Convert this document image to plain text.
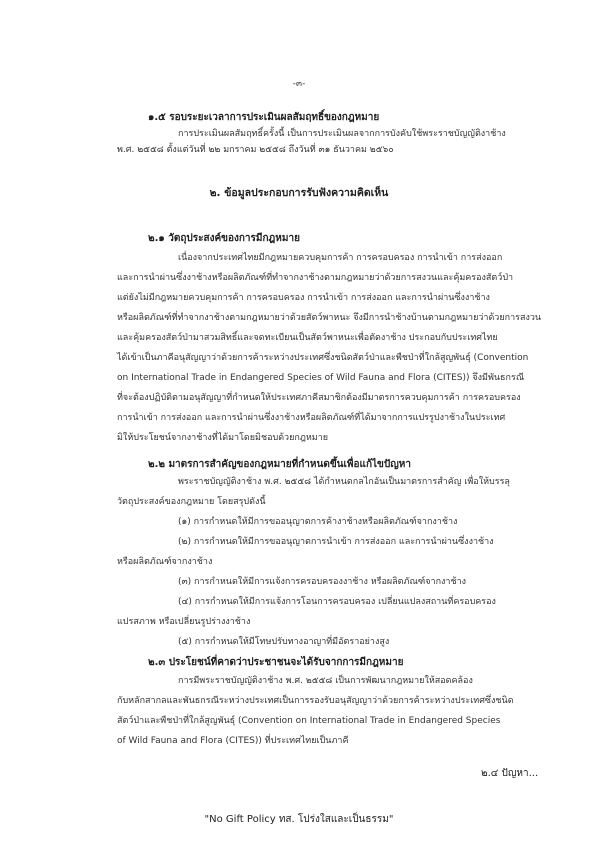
-๓-
๑.๕ รอบระยะเวลาการประเมินผลสัมฤทธิ์ของกฎหมาย
การประเมินผลสัมฤทธิ์ครั้งนี้ เป็นการประเมินผลจากการบังคับใช้พระราชบัญญัติงาช้าง
พ.ศ. ๒๕๕๘ ตั้งแต่วันที่ ๒๒ มกราคม ๒๕๕๘ ถึงวันที่ ๓๑ ธันวาคม ๒๕๖๐
๒. ข้อมูลประกอบการรับฟังความคิดเห็น
๒.๑ วัตถุประสงค์ของการมีกฎหมาย
เนื่องจากประเทศไทยมีกฎหมายควบคุมการค้า การครอบครอง การนำเข้า การส่งออก
และการนำผ่านซึ่งงาช้างหรือผลิตภัณฑ์ที่ทำจากงาช้างตามกฎหมายว่าด้วยการสงวนและคุ้มครองสัตว์ป่า
แต่ยังไม่มีกฎหมายควบคุมการค้า การครอบครอง การนำเข้า การส่งออก และการนำผ่านซึ่งงาช้าง
หรือผลิตภัณฑ์ที่ทำจากงาช้างตามกฎหมายว่าด้วยสัตว์พาหนะ จึงมีการนำช้างบ้านตามกฎหมายว่าด้วยการสงวน
และคุ้มครองสัตว์ป่ามาสวมสิทธิ์และจดทะเบียนเป็นสัตว์พาหนะเพื่อตัดงาช้าง ประกอบกับประเทศไทย
ได้เข้าเป็นภาคีอนุสัญญาว่าด้วยการค้าระหว่างประเทศซึ่งชนิดสัตว์ป่าและพืชป่าที่ใกล้สูญพันธุ์ (Convention
on International Trade in Endangered Species of Wild Fauna and Flora (CITES)) จึงมีพันธกรณี
ที่จะต้องปฏิบัติตามอนุสัญญาที่กำหนดให้ประเทศภาคีสมาชิกต้องมีมาตรการควบคุมการค้า การครอบครอง
การนำเข้า การส่งออก และการนำผ่านซึ่งงาช้างหรือผลิตภัณฑ์ที่ได้มาจากการแปรรูปงาช้างในประเทศ
มิให้ประโยชน์จากงาช้างที่ได้มาโดยมิชอบด้วยกฎหมาย
๒.๒ มาตรการสำคัญของกฎหมายที่กำหนดขึ้นเพื่อแก้ไขปัญหา
พระราชบัญญัติงาช้าง พ.ศ. ๒๕๕๘ ได้กำหนดกลไกอันเป็นมาตรการสำคัญ เพื่อให้บรรลุ
วัตถุประสงค์ของกฎหมาย โดยสรุปดังนี้
(๑) การกำหนดให้มีการขออนุญาตการค้างาช้างหรือผลิตภัณฑ์จากงาช้าง
(๒) การกำหนดให้มีการขออนุญาตการนำเข้า การส่งออก และการนำผ่านซึ่งงาช้าง
หรือผลิตภัณฑ์จากงาช้าง
(๓) การกำหนดให้มีการแจ้งการครอบครองงาช้าง หรือผลิตภัณฑ์จากงาช้าง
(๔) การกำหนดให้มีการแจ้งการโอนการครอบครอง เปลี่ยนแปลงสถานที่ครอบครอง
แปรสภาพ หรือเปลี่ยนรูปร่างงาช้าง
(๕) การกำหนดให้มีโทษปรับทางอาญาที่มีอัตราอย่างสูง
๒.๓ ประโยชน์ที่คาดว่าประชาชนจะได้รับจากการมีกฎหมาย
การมีพระราชบัญญัติงาช้าง พ.ศ. ๒๕๕๘ เป็นการพัฒนากฎหมายให้สอดคล้อง
กับหลักสากลและพันธกรณีระหว่างประเทศเป็นการรองรับอนุสัญญาว่าด้วยการค้าระหว่างประเทศซึ่งชนิด
สัตว์ป่าและพืชป่าที่ใกล้สูญพันธุ์ (Convention on International Trade in Endangered Species
of Wild Fauna and Flora (CITES)) ที่ประเทศไทยเป็นภาคี
๒.๔ ปัญหา...
"No Gift Policy ทส. โปร่งใสและเป็นธรรม"
